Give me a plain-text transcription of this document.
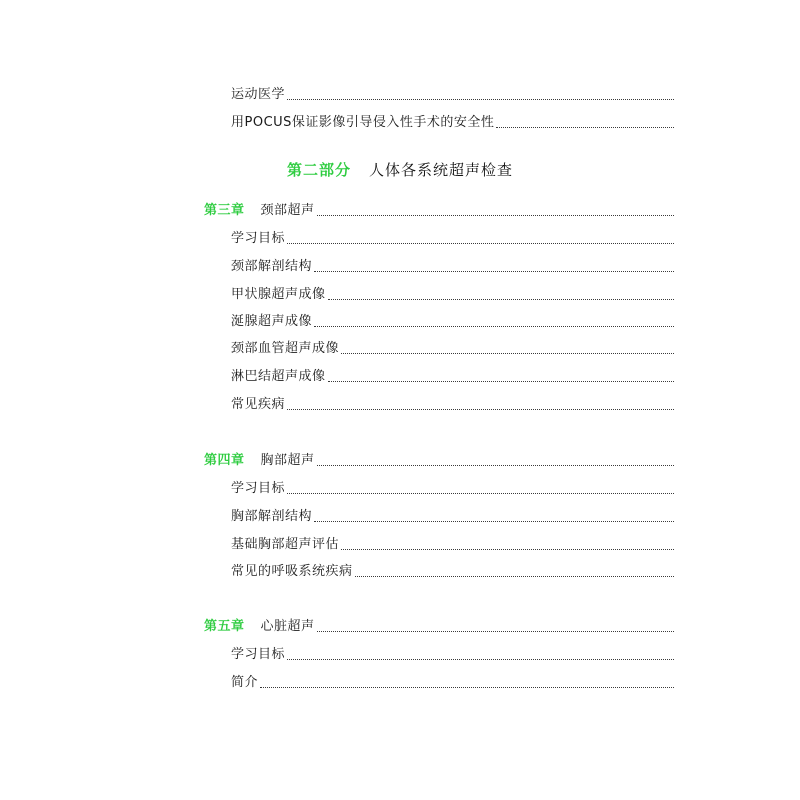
运动医学
用POCUS保证影像引导侵入性手术的安全性
第二部分 人体各系统超声检查
第三章 颈部超声
学习目标
颈部解剖结构
甲状腺超声成像
涎腺超声成像
颈部血管超声成像
淋巴结超声成像
常见疾病
第四章 胸部超声
学习目标
胸部解剖结构
基础胸部超声评估
常见的呼吸系统疾病
第五章 心脏超声
学习目标
简介
